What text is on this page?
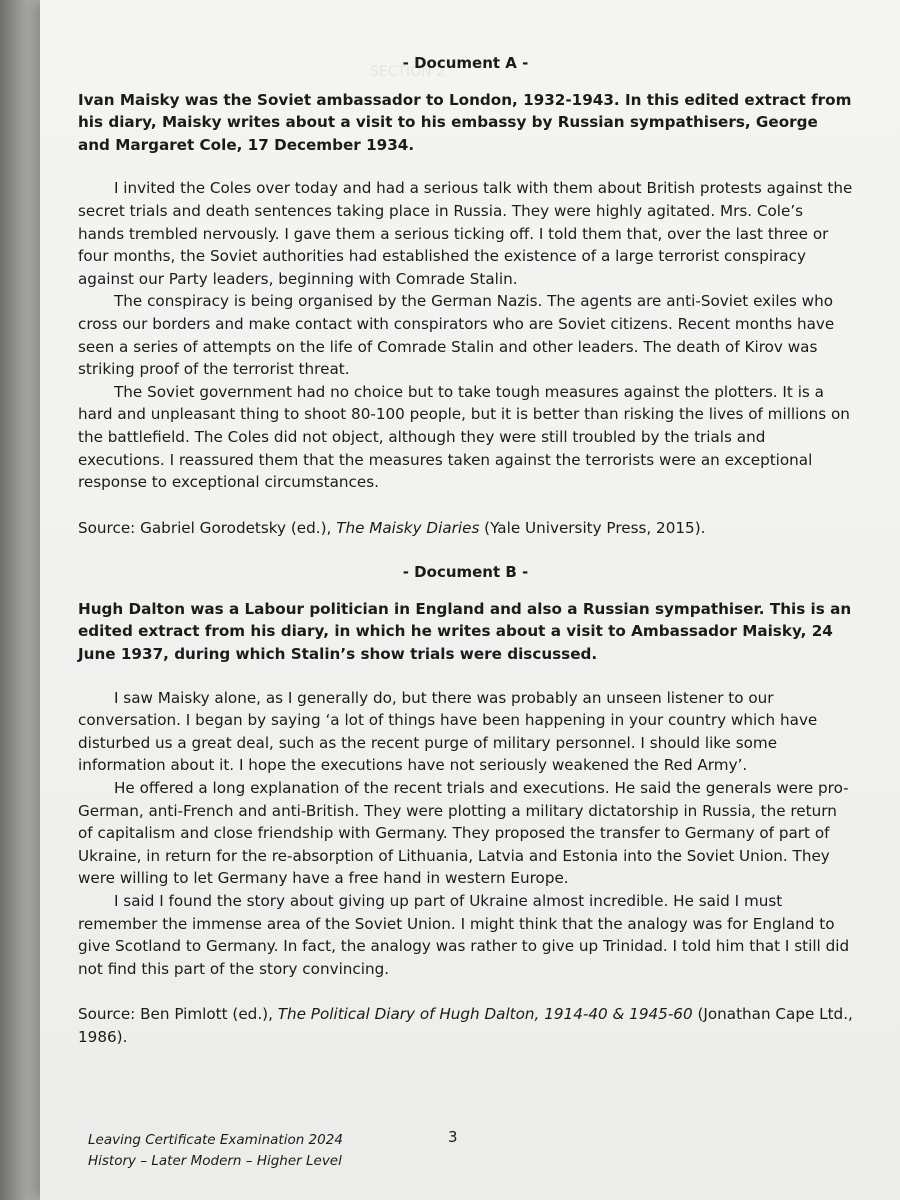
SECTION 2

- Document A -

Ivan Maisky was the Soviet ambassador to London, 1932-1943. In this edited extract from his diary, Maisky writes about a visit to his embassy by Russian sympathisers, George and Margaret Cole, 17 December 1934.

I invited the Coles over today and had a serious talk with them about British protests against the secret trials and death sentences taking place in Russia. They were highly agitated. Mrs. Cole’s hands trembled nervously. I gave them a serious ticking off. I told them that, over the last three or four months, the Soviet authorities had established the existence of a large terrorist conspiracy against our Party leaders, beginning with Comrade Stalin.

The conspiracy is being organised by the German Nazis. The agents are anti-Soviet exiles who cross our borders and make contact with conspirators who are Soviet citizens. Recent months have seen a series of attempts on the life of Comrade Stalin and other leaders. The death of Kirov was striking proof of the terrorist threat.

The Soviet government had no choice but to take tough measures against the plotters. It is a hard and unpleasant thing to shoot 80-100 people, but it is better than risking the lives of millions on the battlefield. The Coles did not object, although they were still troubled by the trials and executions. I reassured them that the measures taken against the terrorists were an exceptional response to exceptional circumstances.

Source: Gabriel Gorodetsky (ed.), The Maisky Diaries (Yale University Press, 2015).

- Document B -

Hugh Dalton was a Labour politician in England and also a Russian sympathiser. This is an edited extract from his diary, in which he writes about a visit to Ambassador Maisky, 24 June 1937, during which Stalin’s show trials were discussed.

I saw Maisky alone, as I generally do, but there was probably an unseen listener to our conversation. I began by saying ‘a lot of things have been happening in your country which have disturbed us a great deal, such as the recent purge of military personnel. I should like some information about it. I hope the executions have not seriously weakened the Red Army’.

He offered a long explanation of the recent trials and executions. He said the generals were pro-German, anti-French and anti-British. They were plotting a military dictatorship in Russia, the return of capitalism and close friendship with Germany. They proposed the transfer to Germany of part of Ukraine, in return for the re-absorption of Lithuania, Latvia and Estonia into the Soviet Union. They were willing to let Germany have a free hand in western Europe.

I said I found the story about giving up part of Ukraine almost incredible. He said I must remember the immense area of the Soviet Union. I might think that the analogy was for England to give Scotland to Germany. In fact, the analogy was rather to give up Trinidad. I told him that I still did not find this part of the story convincing.

Source: Ben Pimlott (ed.), The Political Diary of Hugh Dalton, 1914-40 & 1945-60 (Jonathan Cape Ltd., 1986).

Leaving Certificate Examination 2024
History – Later Modern – Higher Level
3
